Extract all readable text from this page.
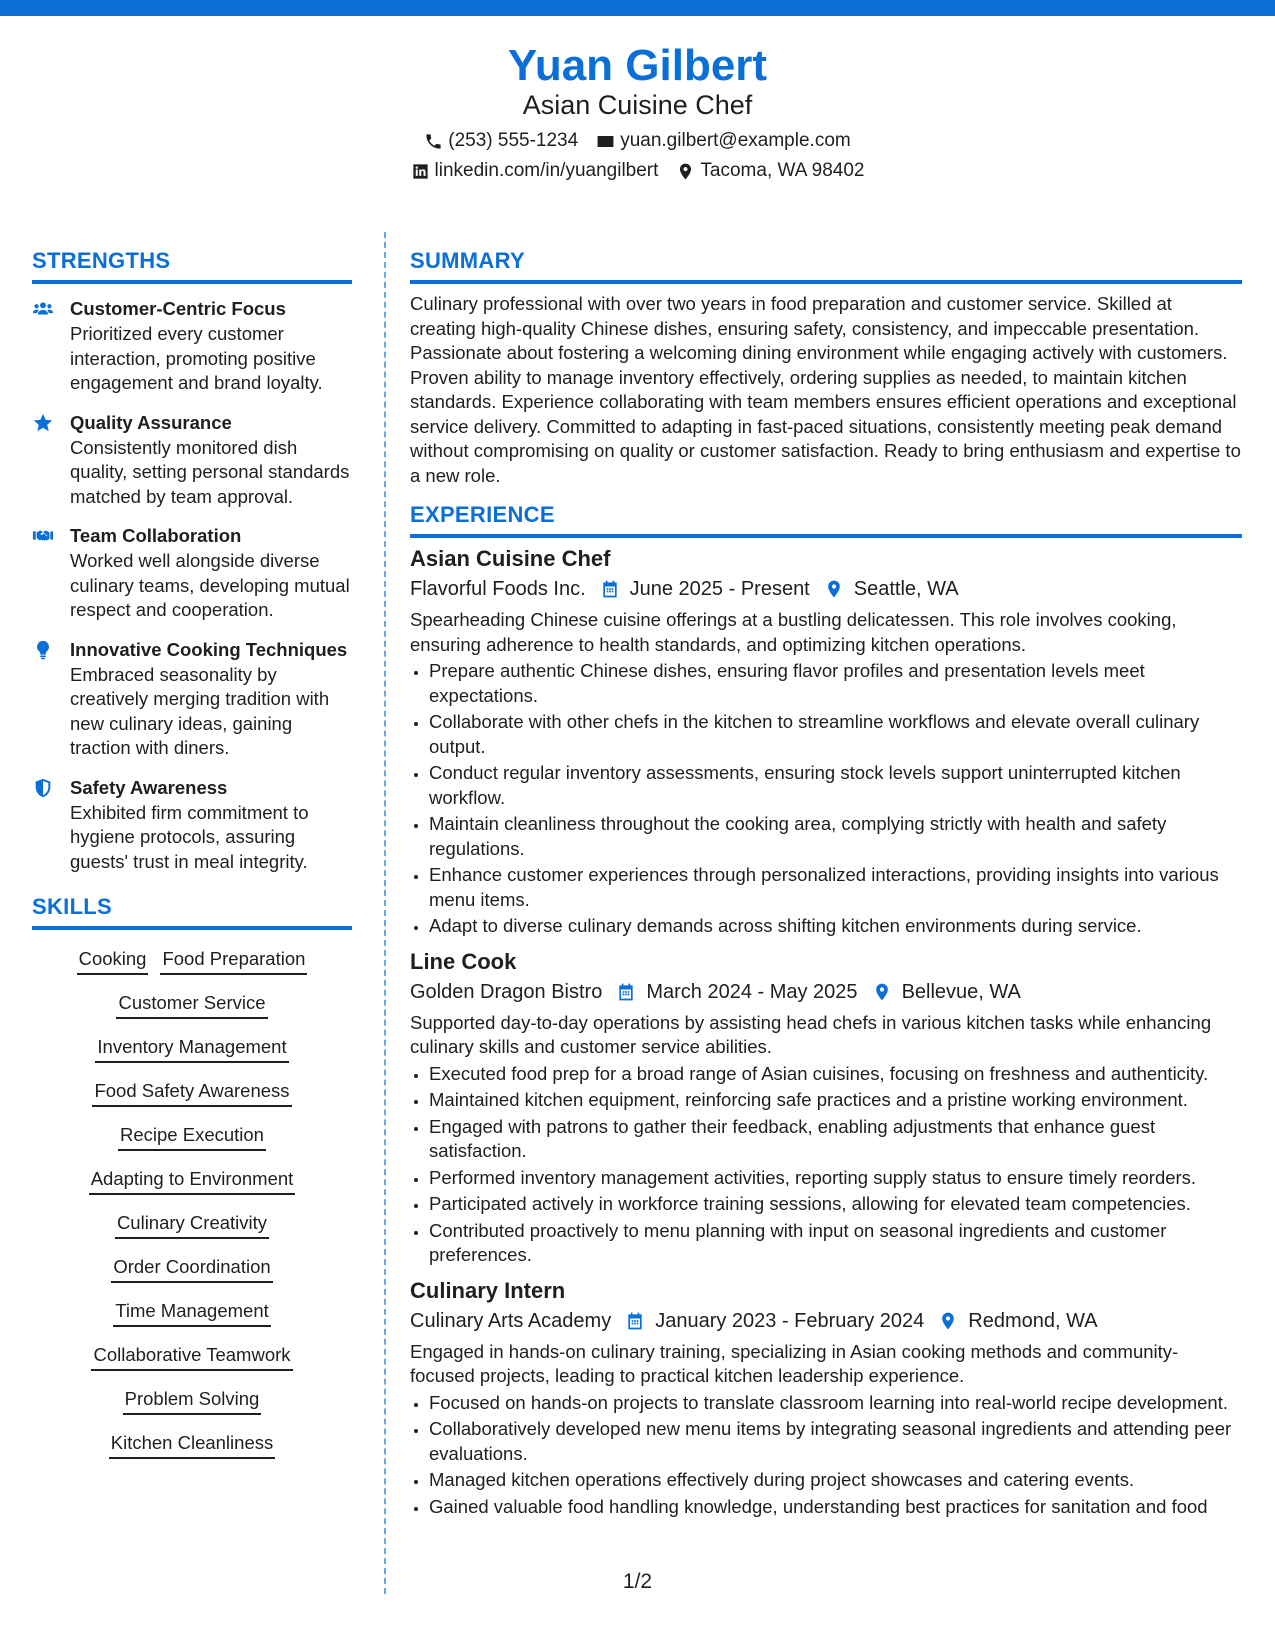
Yuan Gilbert
Asian Cuisine Chef
(253) 555-1234 yuan.gilbert@example.com
linkedin.com/in/yuangilbert Tacoma, WA 98402
STRENGTHS
Customer-Centric Focus
Prioritized every customer interaction, promoting positive engagement and brand loyalty.
Quality Assurance
Consistently monitored dish quality, setting personal standards matched by team approval.
Team Collaboration
Worked well alongside diverse culinary teams, developing mutual respect and cooperation.
Innovative Cooking Techniques
Embraced seasonality by creatively merging tradition with new culinary ideas, gaining traction with diners.
Safety Awareness
Exhibited firm commitment to hygiene protocols, assuring guests' trust in meal integrity.
SKILLS
Cooking Food Preparation
Customer Service
Inventory Management
Food Safety Awareness
Recipe Execution
Adapting to Environment
Culinary Creativity
Order Coordination
Time Management
Collaborative Teamwork
Problem Solving
Kitchen Cleanliness
SUMMARY

Culinary professional with over two years in food preparation and customer service. Skilled at creating high-quality Chinese dishes, ensuring safety, consistency, and impeccable presentation. Passionate about fostering a welcoming dining environment while engaging actively with customers. Proven ability to manage inventory effectively, ordering supplies as needed, to maintain kitchen standards. Experience collaborating with team members ensures efficient operations and exceptional service delivery. Committed to adapting in fast-paced situations, consistently meeting peak demand without compromising on quality or customer satisfaction. Ready to bring enthusiasm and expertise to a new role.

EXPERIENCE
Asian Cuisine Chef
Flavorful Foods Inc. June 2025 - Present Seattle, WA
Spearheading Chinese cuisine offerings at a bustling delicatessen. This role involves cooking, ensuring adherence to health standards, and optimizing kitchen operations.
• Prepare authentic Chinese dishes, ensuring flavor profiles and presentation levels meet expectations.
• Collaborate with other chefs in the kitchen to streamline workflows and elevate overall culinary output.
• Conduct regular inventory assessments, ensuring stock levels support uninterrupted kitchen workflow.
• Maintain cleanliness throughout the cooking area, complying strictly with health and safety regulations.
• Enhance customer experiences through personalized interactions, providing insights into various menu items.
• Adapt to diverse culinary demands across shifting kitchen environments during service.
Line Cook
Golden Dragon Bistro March 2024 - May 2025 Bellevue, WA
Supported day-to-day operations by assisting head chefs in various kitchen tasks while enhancing culinary skills and customer service abilities.
• Executed food prep for a broad range of Asian cuisines, focusing on freshness and authenticity.
• Maintained kitchen equipment, reinforcing safe practices and a pristine working environment.
• Engaged with patrons to gather their feedback, enabling adjustments that enhance guest satisfaction.
• Performed inventory management activities, reporting supply status to ensure timely reorders.
• Participated actively in workforce training sessions, allowing for elevated team competencies.
• Contributed proactively to menu planning with input on seasonal ingredients and customer preferences.
Culinary Intern
Culinary Arts Academy January 2023 - February 2024 Redmond, WA
Engaged in hands-on culinary training, specializing in Asian cooking methods and community-focused projects, leading to practical kitchen leadership experience.
• Focused on hands-on projects to translate classroom learning into real-world recipe development.
• Collaboratively developed new menu items by integrating seasonal ingredients and attending peer evaluations.
• Managed kitchen operations effectively during project showcases and catering events.
• Gained valuable food handling knowledge, understanding best practices for sanitation and food
1/2
